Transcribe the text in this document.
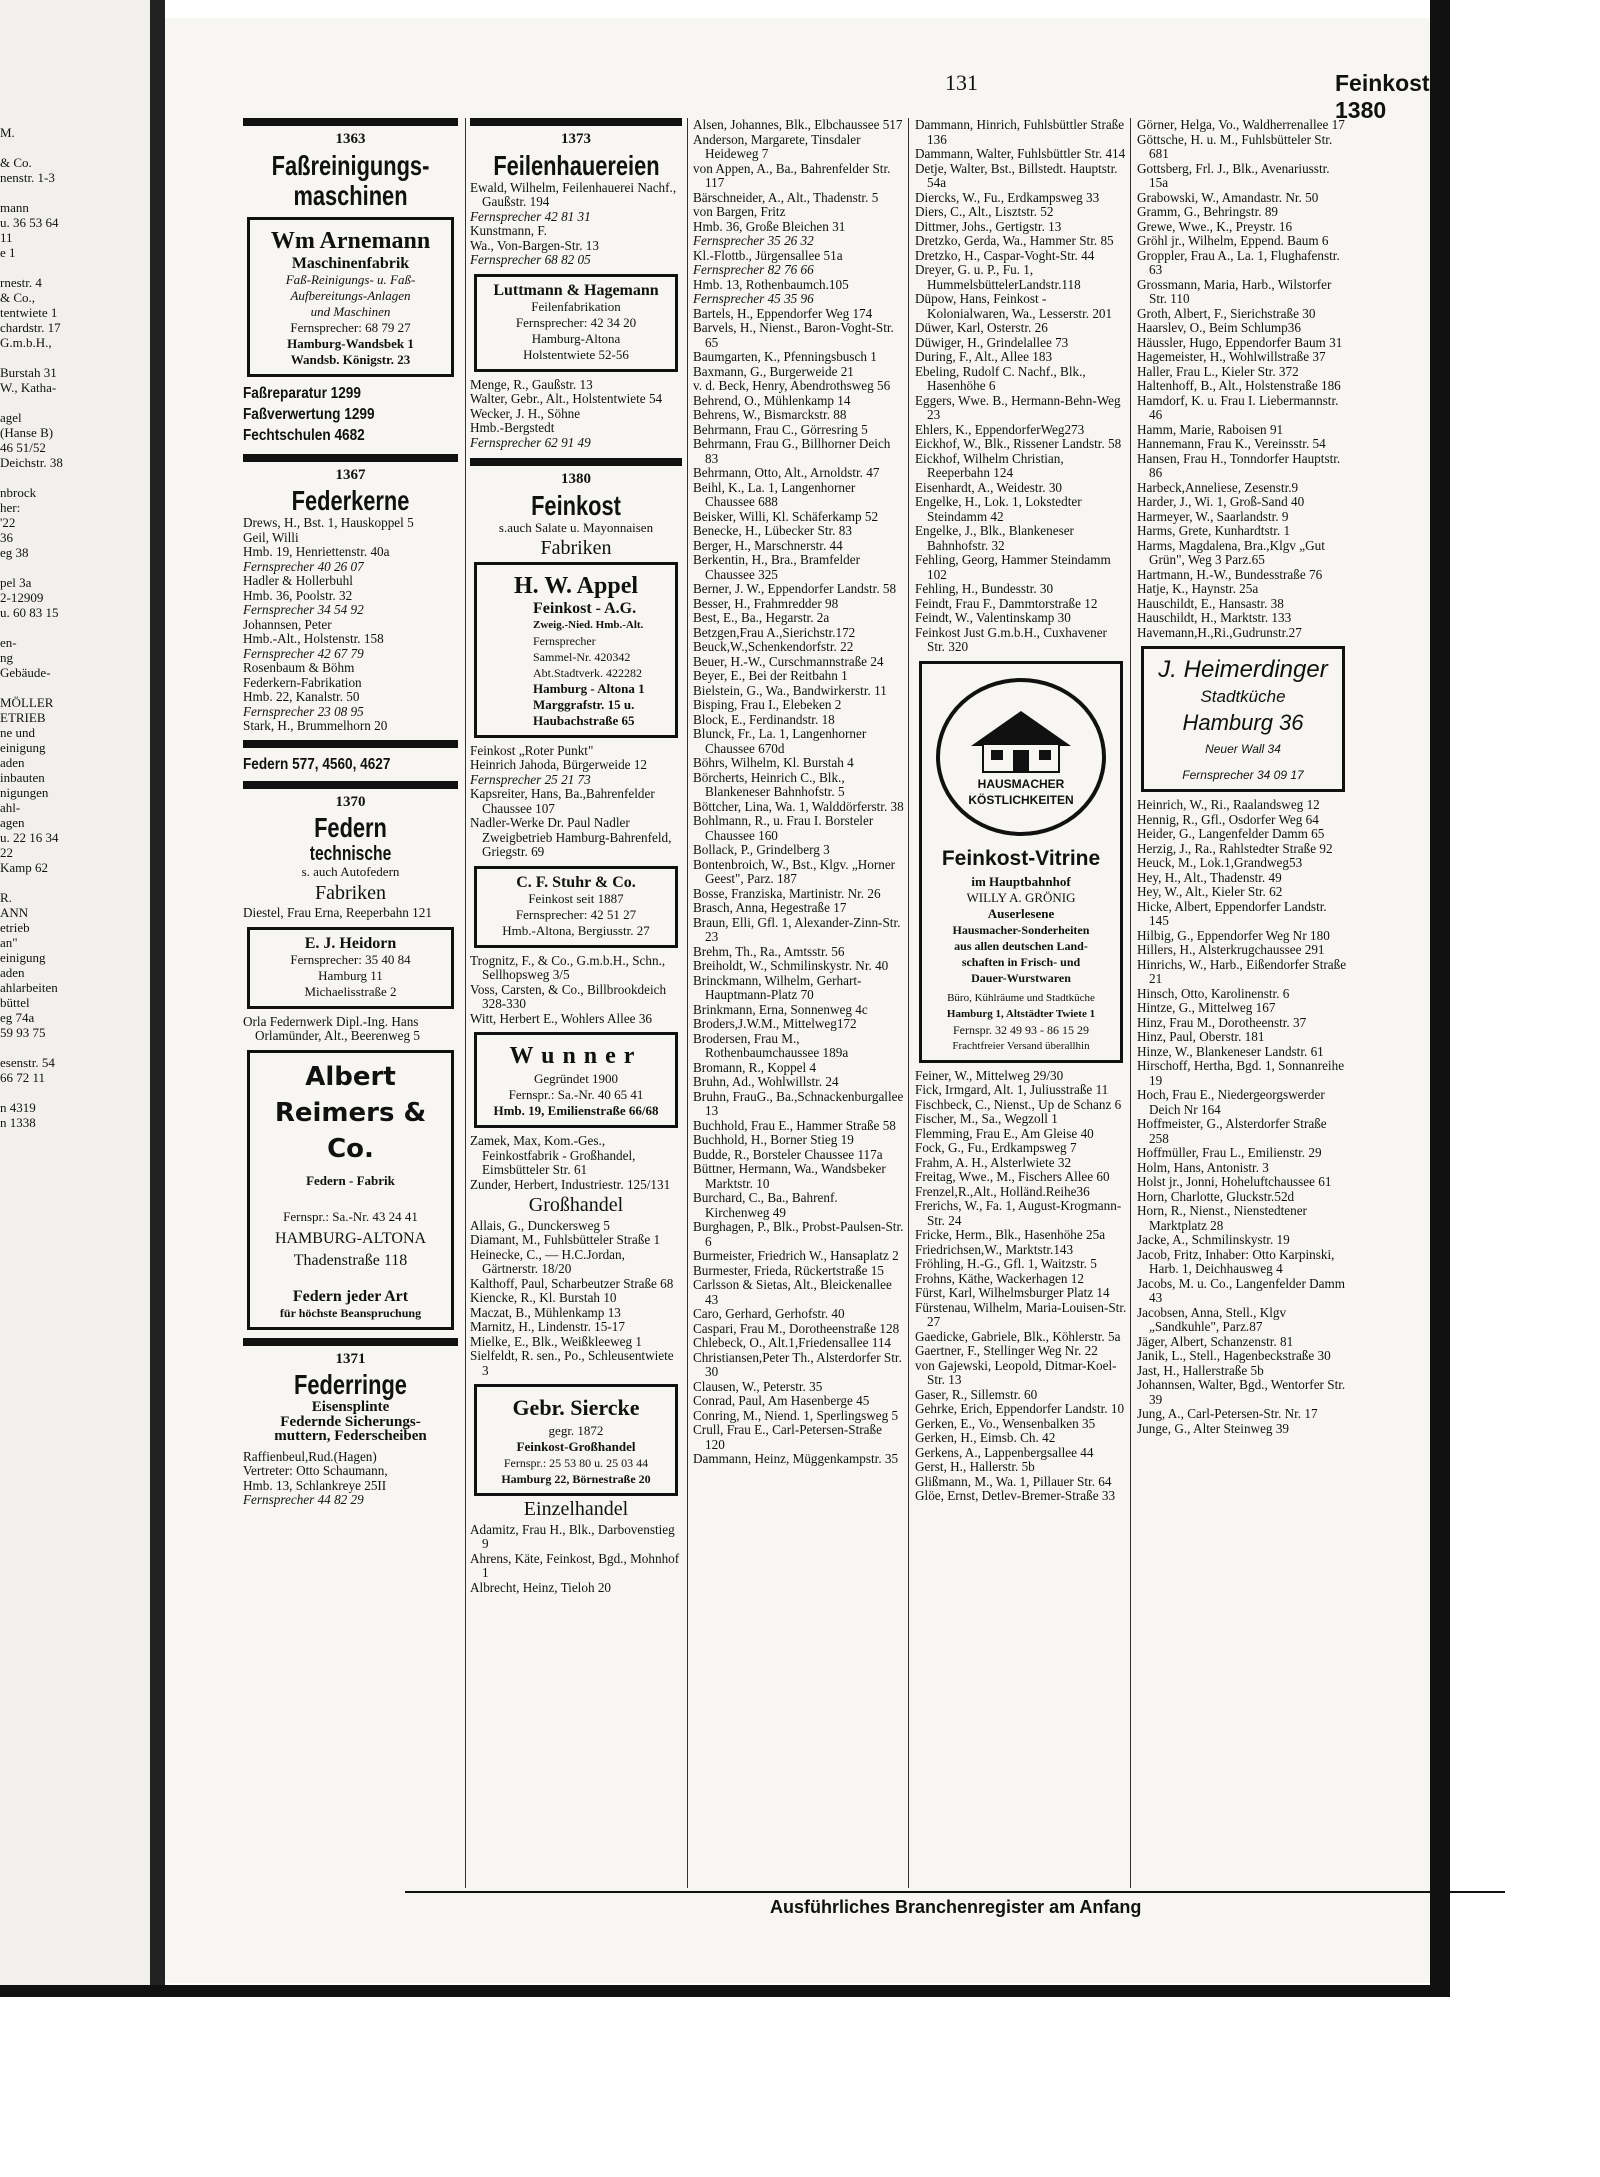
M.

& Co.
nenstr. 1-3

mann
u. 36 53 64
11
e 1

rnestr. 4
& Co.,
tentwiete 1
chardstr. 17
G.m.b.H.,

Burstah 31
W., Katha-

agel
(Hanse B)
46 51/52
Deichstr. 38

nbrock
her:
'22
36
eg 38

pel 3a
2-12909
u. 60 83 15

en-
ng
Gebäude-

MÖLLER
ETRIEB
ne und
einigung
aden
inbauten
nigungen
ahl-
agen
u. 22 16 34
22
Kamp 62

R.
ANN
etrieb
an"
einigung
aden
ahlarbeiten
büttel
eg 74a
59 93 75

esenstr. 54
66 72 11

n 4319
n 1338
131	Feinkost 1380
1363
Faßreinigungs-maschinen
Wm Arnemann
Maschinenfabrik
Faß-Reinigungs- u. Faß-
Aufbereitungs-Anlagen
und Maschinen
Fernsprecher: 68 79 27
Hamburg-Wandsbek 1
Wandsb. Königstr. 23
Faßreparatur 1299
Faßverwertung 1299
Fechtschulen 4682
1367
Federkerne
Drews, H., Bst. 1, Hauskoppel 5
Geil, Willi
Hmb. 19, Henriettenstr. 40a
Fernsprecher 40 26 07
Hadler & Hollerbuhl
Hmb. 36, Poolstr. 32
Fernsprecher 34 54 92
Johannsen, Peter
Hmb.-Alt., Holstenstr. 158
Fernsprecher 42 67 79
Rosenbaum & Böhm
Federkern-Fabrikation
Hmb. 22, Kanalstr. 50
Fernsprecher 23 08 95
Stark, H., Brummelhorn 20
Federn 577, 4560, 4627
1370
Federn
technische
s. auch Autofedern
Fabriken
Diestel, Frau Erna, Reeperbahn 121
E. J. Heidorn
Fernsprecher: 35 40 84
Hamburg 11
Michaelisstraße 2
Orla Federnwerk Dipl.-Ing. Hans Orlamünder, Alt., Beerenweg 5
Albert Reimers & Co.
Federn - Fabrik
Fernspr.: Sa.-Nr. 43 24 41
HAMBURG-ALTONA
Thadenstraße 118
Federn jeder Art
für höchste Beanspruchung
1371
Federringe
Eisensplinte
Federnde Sicherungs-
muttern, Federscheiben
Raffienbeul,Rud.(Hagen)
Vertreter: Otto Schaumann,
Hmb. 13, Schlankreye 25II
Fernsprecher 44 82 29
1373
Feilenhauereien
Ewald, Wilhelm, Feilenhauerei Nachf., Gaußstr. 194
Fernsprecher 42 81 31
Kunstmann, F.
Wa., Von-Bargen-Str. 13
Fernsprecher 68 82 05
Luttmann & Hagemann
Feilenfabrikation
Fernsprecher: 42 34 20
Hamburg-Altona
Holstentwiete 52-56
Menge, R., Gaußstr. 13
Walter, Gebr., Alt., Holstentwiete 54
Wecker, J. H., Söhne
Hmb.-Bergstedt
Fernsprecher 62 91 49
1380
Feinkost
s.auch Salate u. Mayonnaisen
Fabriken
H. W. Appel
Feinkost - A.G.
Zweig.-Nied. Hmb.-Alt.
Fernsprecher
Sammel-Nr. 420342
Abt.Stadtverk. 422282
Hamburg - Altona 1
Marggrafstr. 15 u.
Haubachstraße 65
Feinkost „Roter Punkt"
Heinrich Jahoda, Bürgerweide 12
Fernsprecher 25 21 73
Kapsreiter, Hans, Ba.,Bahrenfelder Chaussee 107
Nadler-Werke Dr. Paul Nadler Zweigbetrieb Hamburg-Bahrenfeld, Griegstr. 69
C. F. Stuhr & Co.
Feinkost seit 1887
Fernsprecher: 42 51 27
Hmb.-Altona, Bergiusstr. 27
Trognitz, F., & Co., G.m.b.H., Schn., Sellhopsweg 3/5
Voss, Carsten, & Co., Billbrookdeich 328-330
Witt, Herbert E., Wohlers Allee 36
Wunner
Gegründet 1900
Fernspr.: Sa.-Nr. 40 65 41
Hmb. 19, Emilienstraße 66/68
Zamek, Max, Kom.-Ges., Feinkostfabrik - Großhandel, Eimsbütteler Str. 61
Zunder, Herbert, Industriestr. 125/131
Großhandel
Allais, G., Dunckersweg 5
Diamant, M., Fuhlsbütteler Straße 1
Heinecke, C., — H.C.Jordan, Gärtnerstr. 18/20
Kalthoff, Paul, Scharbeutzer Straße 68
Kiencke, R., Kl. Burstah 10
Maczat, B., Mühlenkamp 13
Marnitz, H., Lindenstr. 15-17
Mielke, E., Blk., Weißkleeweg 1
Sielfeldt, R. sen., Po., Schleusentwiete 3
Gebr. Siercke
gegr. 1872
Feinkost-Großhandel
Fernspr.: 25 53 80 u. 25 03 44
Hamburg 22, Börnestraße 20
Einzelhandel
Adamitz, Frau H., Blk., Darbovenstieg 9
Ahrens, Käte, Feinkost, Bgd., Mohnhof 1
Albrecht, Heinz, Tieloh 20
Alsen, Johannes, Blk., Elbchaussee 517
Anderson, Margarete, Tinsdaler Heideweg 7
von Appen, A., Ba., Bahrenfelder Str. 117
Bärschneider, A., Alt., Thadenstr. 5
von Bargen, Fritz
Hmb. 36, Große Bleichen 31
Fernsprecher 35 26 32
Kl.-Flottb., Jürgensallee 51a
Fernsprecher 82 76 66
Hmb. 13, Rothenbaumch.105
Fernsprecher 45 35 96
Bartels, H., Eppendorfer Weg 174
Barvels, H., Nienst., Baron-Voght-Str. 65
Baumgarten, K., Pfenningsbusch 1
Baxmann, G., Burgerweide 21
v. d. Beck, Henry, Abendrothsweg 56
Behrend, O., Mühlenkamp 14
Behrens, W., Bismarckstr. 88
Behrmann, Frau C., Görresring 5
Behrmann, Frau G., Billhorner Deich 83
Behrmann, Otto, Alt., Arnoldstr. 47
Beihl, K., La. 1, Langenhorner Chaussee 688
Beisker, Willi, Kl. Schäferkamp 52
Benecke, H., Lübecker Str. 83
Berger, H., Marschnerstr. 44
Berkentin, H., Bra., Bramfelder Chaussee 325
Berner, J. W., Eppendorfer Landstr. 58
Besser, H., Frahmredder 98
Best, E., Ba., Hegarstr. 2a
Betzgen,Frau A.,Sierichstr.172
Beuck,W.,Schenkendorfstr. 22
Beuer, H.-W., Curschmannstraße 24
Beyer, E., Bei der Reitbahn 1
Bielstein, G., Wa., Bandwirkerstr. 11
Bisping, Frau I., Elebeken 2
Block, E., Ferdinandstr. 18
Blunck, Fr., La. 1, Langenhorner Chaussee 670d
Böhrs, Wilhelm, Kl. Burstah 4
Börcherts, Heinrich C., Blk., Blankeneser Bahnhofstr. 5
Böttcher, Lina, Wa. 1, Walddörferstr. 38
Bohlmann, R., u. Frau I. Borsteler Chaussee 160
Bollack, P., Grindelberg 3
Bontenbroich, W., Bst., Klgv. „Horner Geest", Parz. 187
Bosse, Franziska, Martinistr. Nr. 26
Brasch, Anna, Hegestraße 17
Braun, Elli, Gfl. 1, Alexander-Zinn-Str. 23
Brehm, Th., Ra., Amtsstr. 56
Breiholdt, W., Schmilinskystr. Nr. 40
Brinckmann, Wilhelm, Gerhart-Hauptmann-Platz 70
Brinkmann, Erna, Sonnenweg 4c
Broders,J.W.M., Mittelweg172
Brodersen, Frau M., Rothenbaumchaussee 189a
Bromann, R., Koppel 4
Bruhn, Ad., Wohlwillstr. 24
Bruhn, FrauG., Ba.,Schnackenburgallee 13
Buchhold, Frau E., Hammer Straße 58
Buchhold, H., Borner Stieg 19
Budde, R., Borsteler Chaussee 117a
Büttner, Hermann, Wa., Wandsbeker Marktstr. 10
Burchard, C., Ba., Bahrenf. Kirchenweg 49
Burghagen, P., Blk., Probst-Paulsen-Str. 6
Burmeister, Friedrich W., Hansaplatz 2
Burmester, Frieda, Rückertstraße 15
Carlsson & Sietas, Alt., Bleickenallee 43
Caro, Gerhard, Gerhofstr. 40
Caspari, Frau M., Dorotheenstraße 128
Chlebeck, O., Alt.1,Friedensallee 114
Christiansen,Peter Th., Alsterdorfer Str. 30
Clausen, W., Peterstr. 35
Conrad, Paul, Am Hasenberge 45
Conring, M., Niend. 1, Sperlingsweg 5
Crull, Frau E., Carl-Petersen-Straße 120
Dammann, Heinz, Müggenkampstr. 35
Dammann, Hinrich, Fuhlsbüttler Straße 136
Dammann, Walter, Fuhlsbüttler Str. 414
Detje, Walter, Bst., Billstedt. Hauptstr. 54a
Diercks, W., Fu., Erdkampsweg 33
Diers, C., Alt., Lisztstr. 52
Dittmer, Johs., Gertigstr. 13
Dretzko, Gerda, Wa., Hammer Str. 85
Dretzko, H., Caspar-Voght-Str. 44
Dreyer, G. u. P., Fu. 1, HummelsbüttelerLandstr.118
Düpow, Hans, Feinkost - Kolonialwaren, Wa., Lesserstr. 201
Düwer, Karl, Osterstr. 26
Düwiger, H., Grindelallee 73
During, F., Alt., Allee 183
Ebeling, Rudolf C. Nachf., Blk., Hasenhöhe 6
Eggers, Wwe. B., Hermann-Behn-Weg 23
Ehlers, K., EppendorferWeg273
Eickhof, W., Blk., Rissener Landstr. 58
Eickhof, Wilhelm Christian, Reeperbahn 124
Eisenhardt, A., Weidestr. 30
Engelke, H., Lok. 1, Lokstedter Steindamm 42
Engelke, J., Blk., Blankeneser Bahnhofstr. 32
Fehling, Georg, Hammer Steindamm 102
Fehling, H., Bundesstr. 30
Feindt, Frau F., Dammtorstraße 12
Feindt, W., Valentinskamp 30
Feinkost Just G.m.b.H., Cuxhavener Str. 320
HAUSMACHER
KÖSTLICHKEITEN
Feinkost-Vitrine
im Hauptbahnhof
WILLY A. GRÖNIG
Auserlesene
Hausmacher-Sonderheiten
aus allen deutschen Land-
schaften in Frisch- und
Dauer-Wurstwaren
Büro, Kühlräume und Stadtküche
Hamburg 1, Altstädter Twiete 1
Fernspr. 32 49 93 - 86 15 29
Frachtfreier Versand überallhin
Feiner, W., Mittelweg 29/30
Fick, Irmgard, Alt. 1, Juliusstraße 11
Fischbeck, C., Nienst., Up de Schanz 6
Fischer, M., Sa., Wegzoll 1
Flemming, Frau E., Am Gleise 40
Fock, G., Fu., Erdkampsweg 7
Frahm, A. H., Alsterlwiete 32
Freitag, Wwe., M., Fischers Allee 60
Frenzel,R.,Alt., Holländ.Reihe36
Frerichs, W., Fa. 1, August-Krogmann-Str. 24
Fricke, Herm., Blk., Hasenhöhe 25a
Friedrichsen,W., Marktstr.143
Fröhling, H.-G., Gfl. 1, Waitzstr. 5
Frohns, Käthe, Wackerhagen 12
Fürst, Karl, Wilhelmsburger Platz 14
Fürstenau, Wilhelm, Maria-Louisen-Str. 27
Gaedicke, Gabriele, Blk., Köhlerstr. 5a
Gaertner, F., Stellinger Weg Nr. 22
von Gajewski, Leopold, Ditmar-Koel-Str. 13
Gaser, R., Sillemstr. 60
Gehrke, Erich, Eppendorfer Landstr. 10
Gerken, E., Vo., Wensenbalken 35
Gerken, H., Eimsb. Ch. 42
Gerkens, A., Lappenbergsallee 44
Gerst, H., Hallerstr. 5b
Glißmann, M., Wa. 1, Pillauer Str. 64
Glöe, Ernst, Detlev-Bremer-Straße 33
Görner, Helga, Vo., Waldherrenallee 17
Göttsche, H. u. M., Fuhlsbütteler Str. 681
Gottsberg, Frl. J., Blk., Avenariusstr. 15a
Grabowski, W., Amandastr. Nr. 50
Gramm, G., Behringstr. 89
Grewe, Wwe., K., Preystr. 16
Gröhl jr., Wilhelm, Eppend. Baum 6
Groppler, Frau A., La. 1, Flughafenstr. 63
Grossmann, Maria, Harb., Wilstorfer Str. 110
Groth, Albert, F., Sierichstraße 30
Haarslev, O., Beim Schlump36
Häussler, Hugo, Eppendorfer Baum 31
Hagemeister, H., Wohlwillstraße 37
Haller, Frau L., Kieler Str. 372
Haltenhoff, B., Alt., Holstenstraße 186
Hamdorf, K. u. Frau I. Liebermannstr. 46
Hamm, Marie, Raboisen 91
Hannemann, Frau K., Vereinsstr. 54
Hansen, Frau H., Tonndorfer Hauptstr. 86
Harbeck,Anneliese, Zesenstr.9
Harder, J., Wi. 1, Groß-Sand 40
Harmeyer, W., Saarlandstr. 9
Harms, Grete, Kunhardtstr. 1
Harms, Magdalena, Bra.,Klgv „Gut Grün", Weg 3 Parz.65
Hartmann, H.-W., Bundesstraße 76
Hatje, K., Haynstr. 25a
Hauschildt, E., Hansastr. 38
Hauschildt, H., Marktstr. 133
Havemann,H.,Ri.,Gudrunstr.27
J. Heimerdinger
Stadtküche
Hamburg 36
Neuer Wall 34
Fernsprecher 34 09 17
Heinrich, W., Ri., Raalandsweg 12
Hennig, R., Gfl., Osdorfer Weg 64
Heider, G., Langenfelder Damm 65
Herzig, J., Ra., Rahlstedter Straße 92
Heuck, M., Lok.1,Grandweg53
Hey, H., Alt., Thadenstr. 49
Hey, W., Alt., Kieler Str. 62
Hicke, Albert, Eppendorfer Landstr. 145
Hilbig, G., Eppendorfer Weg Nr 180
Hillers, H., Alsterkrugchaussee 291
Hinrichs, W., Harb., Eißendorfer Straße 21
Hinsch, Otto, Karolinenstr. 6
Hintze, G., Mittelweg 167
Hinz, Frau M., Dorotheenstr. 37
Hinz, Paul, Oberstr. 181
Hinze, W., Blankeneser Landstr. 61
Hirschoff, Hertha, Bgd. 1, Sonnanreihe 19
Hoch, Frau E., Niedergeorgswerder Deich Nr 164
Hoffmeister, G., Alsterdorfer Straße 258
Hoffmüller, Frau L., Emilienstr. 29
Holm, Hans, Antonistr. 3
Holst jr., Jonni, Hoheluftchaussee 61
Horn, Charlotte, Gluckstr.52d
Horn, R., Nienst., Nienstedtener Marktplatz 28
Jacke, A., Schmilinskystr. 19
Jacob, Fritz, Inhaber: Otto Karpinski, Harb. 1, Deichhausweg 4
Jacobs, M. u. Co., Langenfelder Damm 43
Jacobsen, Anna, Stell., Klgv „Sandkuhle", Parz.87
Jäger, Albert, Schanzenstr. 81
Janik, L., Stell., Hagenbeckstraße 30
Jast, H., Hallerstraße 5b
Johannsen, Walter, Bgd., Wentorfer Str. 39
Jung, A., Carl-Petersen-Str. Nr. 17
Junge, G., Alter Steinweg 39
Ausführliches Branchenregister am Anfang
